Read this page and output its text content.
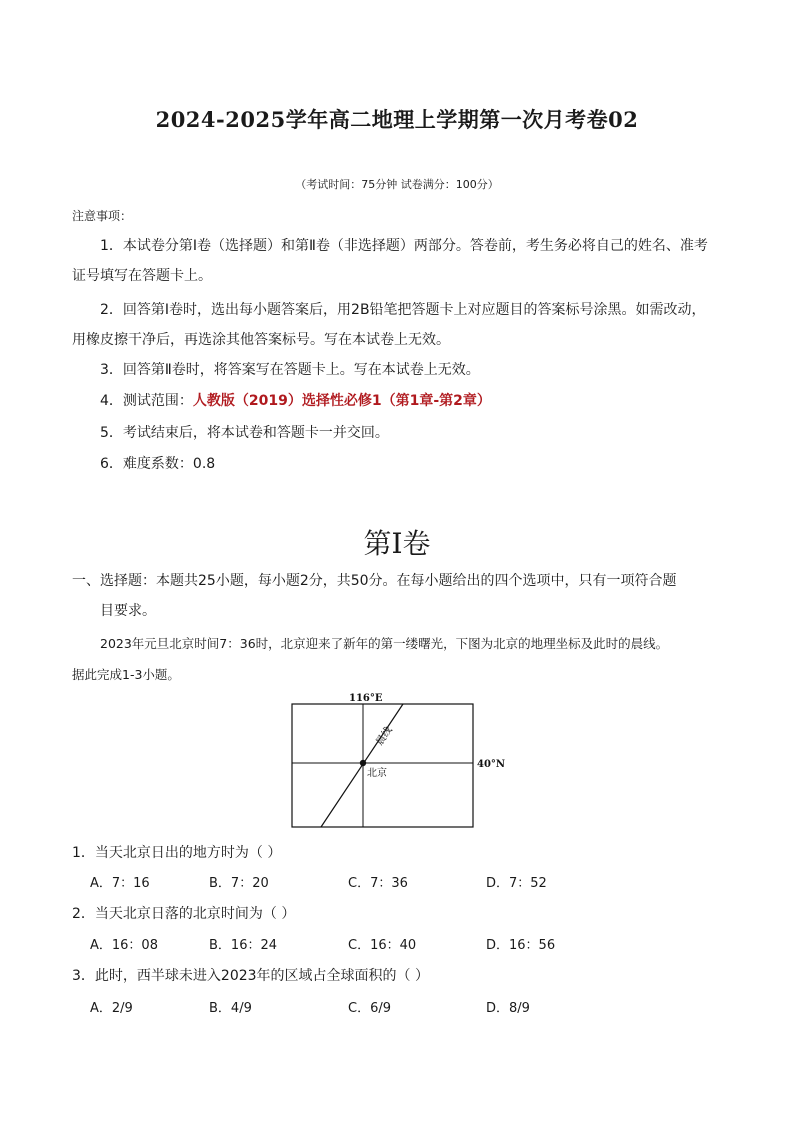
2024-2025学年高二地理上学期第一次月考卷02
（考试时间：75分钟 试卷满分：100分）
注意事项：

1．本试卷分第Ⅰ卷（选择题）和第Ⅱ卷（非选择题）两部分。答卷前，考生务必将自己的姓名、准考

证号填写在答题卡上。

2．回答第Ⅰ卷时，选出每小题答案后，用2B铅笔把答题卡上对应题目的答案标号涂黑。如需改动，

用橡皮擦干净后，再选涂其他答案标号。写在本试卷上无效。

3．回答第Ⅱ卷时，将答案写在答题卡上。写在本试卷上无效。

4．测试范围：人教版（2019）选择性必修1（第1章-第2章）

5．考试结束后，将本试卷和答题卡一并交回。

6．难度系数：0.8

第Ⅰ卷
一、选择题：本题共25小题，每小题2分，共50分。在每小题给出的四个选项中，只有一项符合题
目要求。
2023年元旦北京时间7：36时，北京迎来了新年的第一缕曙光，下图为北京的地理坐标及此时的晨线。
据此完成1-3小题。
116°E
40°N
北京
晨线
1．当天北京日出的地方时为（ ）
A．7：16	B．7：20	C．7：36	D．7：52
2．当天北京日落的北京时间为（ ）
A．16：08	B．16：24	C．16：40	D．16：56
3．此时，西半球未进入2023年的区域占全球面积的（ ）
A．2/9	B．4/9	C．6/9	D．8/9
